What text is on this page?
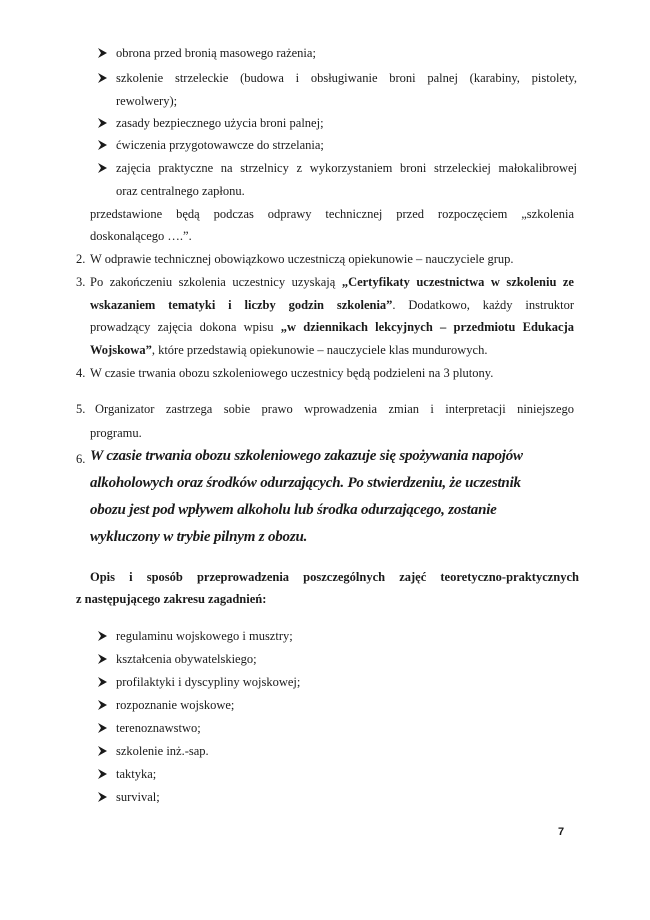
obrona przed bronią masowego rażenia;
szkolenie strzeleckie (budowa i obsługiwanie broni palnej (karabiny, pistolety,
rewolwery);
zasady bezpiecznego użycia broni palnej;
ćwiczenia przygotowawcze do strzelania;
zajęcia praktyczne na strzelnicy z wykorzystaniem broni strzeleckiej małokalibrowej
oraz centralnego zapłonu.
przedstawione będą podczas odprawy technicznej przed rozpoczęciem „szkolenia
doskonalącego ….”.
2. W odprawie technicznej obowiązkowo uczestniczą opiekunowie – nauczyciele grup.
3. Po zakończeniu szkolenia uczestnicy uzyskają „Certyfikaty uczestnictwa w szkoleniu ze
wskazaniem tematyki i liczby godzin szkolenia”. Dodatkowo, każdy instruktor
prowadzący zajęcia dokona wpisu „w dziennikach lekcyjnych – przedmiotu Edukacja
Wojskowa”, które przedstawią opiekunowie – nauczyciele klas mundurowych.
4. W czasie trwania obozu szkoleniowego uczestnicy będą podzieleni na 3 plutony.
5. Organizator zastrzega sobie prawo wprowadzenia zmian i interpretacji niniejszego
programu.
6. W czasie trwania obozu szkoleniowego zakazuje się spożywania napojów
alkoholowych oraz środków odurzających. Po stwierdzeniu, że uczestnik
obozu jest pod wpływem alkoholu lub środka odurzającego, zostanie
wykluczony w trybie pilnym z obozu.
Opis i sposób przeprowadzenia poszczególnych zajęć teoretyczno-praktycznych
z następującego zakresu zagadnień:
regulaminu wojskowego i musztry;
kształcenia obywatelskiego;
profilaktyki i dyscypliny wojskowej;
rozpoznanie wojskowe;
terenoznawstwo;
szkolenie inż.-sap.
taktyka;
survival;
7
